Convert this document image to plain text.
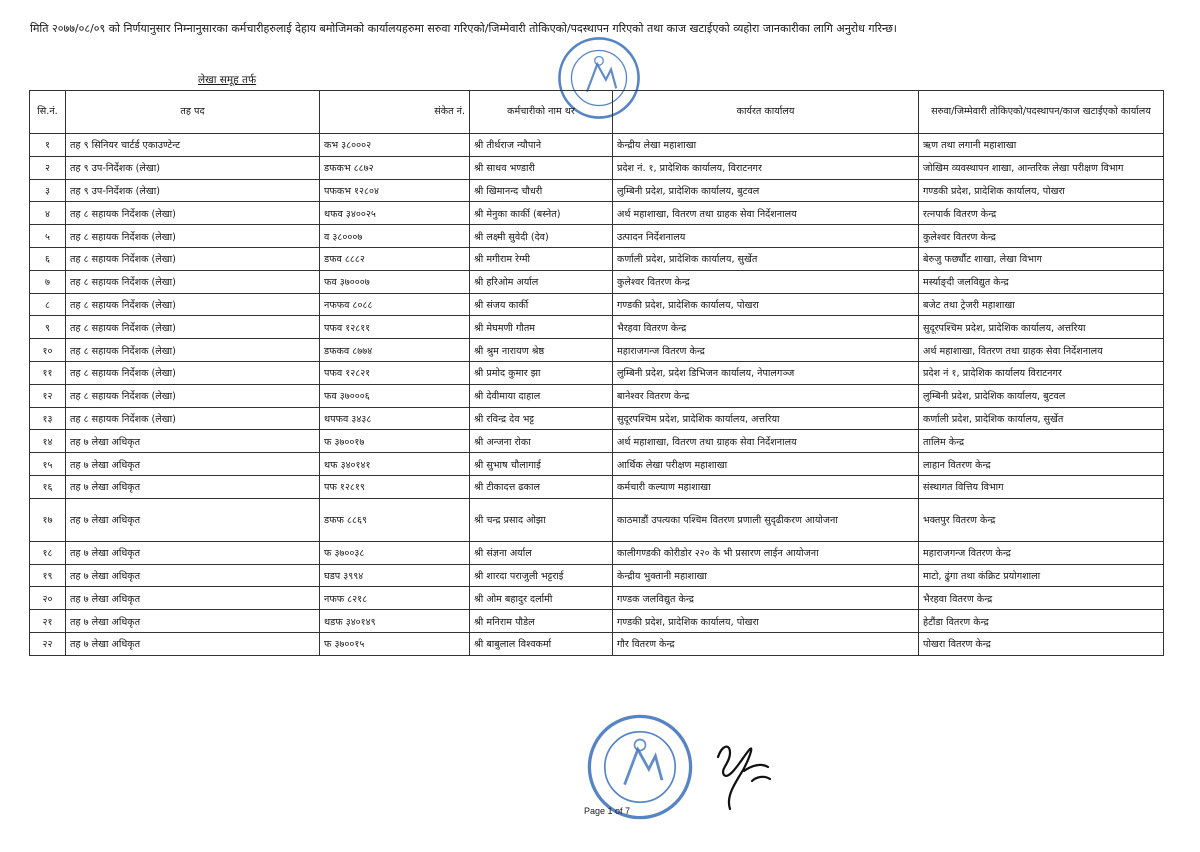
मिति २०७७/०८/०९ को निर्णयानुसार निम्नानुसारका कर्मचारीहरुलाई देहाय बमोजिमको कार्यालयहरुमा सरुवा गरिएको/जिम्मेवारी तोकिएको/पदस्थापन गरिएको तथा काज खटाईएको व्यहोरा जानकारीका लागि अनुरोध गरिन्छ।
लेखा समूह तर्फ
सि.नं.	तह पद	संकेत नं.	कर्मचारीको नाम थर	कार्यरत कार्यालय	सरुवा/जिम्मेवारी तोकिएको/पदस्थापन/काज खटाईएको कार्यालय
१	तह ९ सिनियर चार्टर्ड एकाउण्टेन्ट	कभ ३८०००२	श्री तीर्थराज न्यौपाने	केन्द्रीय लेखा महाशाखा	ऋण तथा लगानी महाशाखा
२	तह ९ उप-निर्देशक (लेखा)	डफकभ ८८७२	श्री साधव भण्डारी	प्रदेश नं. १, प्रादेशिक कार्यालय, विराटनगर	जोखिम व्यवस्थापन शाखा, आन्तरिक लेखा परीक्षण विभाग
३	तह ९ उप-निर्देशक (लेखा)	पफकभ १२८०४	श्री खिमानन्द चौधरी	लुम्बिनी प्रदेश, प्रादेशिक कार्यालय, बुटवल	गण्डकी प्रदेश, प्रादेशिक कार्यालय, पोखरा
४	तह ८ सहायक निर्देशक (लेखा)	थफव ३४००२५	श्री मेनुका कार्की (बस्नेत)	अर्थ महाशाखा, वितरण तथा ग्राहक सेवा निर्देशनालय	रत्नपार्क वितरण केन्द्र
५	तह ८ सहायक निर्देशक (लेखा)	व ३८०००७	श्री लक्ष्मी सुवेदी (देव)	उत्पादन निर्देशनालय	कुलेश्वर वितरण केन्द्र
६	तह ८ सहायक निर्देशक (लेखा)	डफव ८८८२	श्री मगीराम रेग्मी	कर्णाली प्रदेश, प्रादेशिक कार्यालय, सुर्खेत	बेरुजु फर्छ्यौट शाखा, लेखा विभाग
७	तह ८ सहायक निर्देशक (लेखा)	फव ३७०००७	श्री हरिओम अर्याल	कुलेश्वर वितरण केन्द्र	मर्स्याङ्दी जलविद्युत केन्द्र
८	तह ८ सहायक निर्देशक (लेखा)	नफफव ८०८८	श्री संजय कार्की	गण्डकी प्रदेश, प्रादेशिक कार्यालय, पोखरा	बजेट तथा ट्रेजरी महाशाखा
९	तह ८ सहायक निर्देशक (लेखा)	पफव १२८११	श्री मेघमणी गौतम	भैरहवा वितरण केन्द्र	सुदूरपश्चिम प्रदेश, प्रादेशिक कार्यालय, अत्तरिया
१०	तह ८ सहायक निर्देशक (लेखा)	डफकव ८७७४	श्री श्रुम नारायण श्रेष्ठ	महाराजगन्ज वितरण केन्द्र	अर्थ महाशाखा, वितरण तथा ग्राहक सेवा निर्देशनालय
११	तह ८ सहायक निर्देशक (लेखा)	पफव १२८२१	श्री प्रमोद कुमार झा	लुम्बिनी प्रदेश, प्रदेश डिभिजन कार्यालय, नेपालगञ्ज	प्रदेश नं १, प्रादेशिक कार्यालय विराटनगर
१२	तह ८ सहायक निर्देशक (लेखा)	फव ३७०००६	श्री देवीमाया दाहाल	बानेश्वर वितरण केन्द्र	लुम्बिनी प्रदेश, प्रादेशिक कार्यालय, बुटवल
१३	तह ८ सहायक निर्देशक (लेखा)	थपफव ३४३८	श्री रविन्द्र देव भट्ट	सुदूरपश्चिम प्रदेश, प्रादेशिक कार्यालय, अत्तरिया	कर्णाली प्रदेश, प्रादेशिक कार्यालय, सुर्खेत
१४	तह ७ लेखा अधिकृत	फ ३७००१७	श्री अन्जना रोका	अर्थ महाशाखा, वितरण तथा ग्राहक सेवा निर्देशनालय	तालिम केन्द्र
१५	तह ७ लेखा अधिकृत	थफ ३४०१४१	श्री सुभाष चौलागाई	आर्थिक लेखा परीक्षण महाशाखा	लाहान वितरण केन्द्र
१६	तह ७ लेखा अधिकृत	पफ १२८१९	श्री टीकादत्त ढकाल	कर्मचारी कल्याण महाशाखा	संस्थागत वित्तिय विभाग
१७	तह ७ लेखा अधिकृत	डफफ ८८६९	श्री चन्द्र प्रसाद ओझा	काठमाडौं उपत्यका पश्चिम वितरण प्रणाली सुदृढीकरण आयोजना	भक्तपुर वितरण केन्द्र
१८	तह ७ लेखा अधिकृत	फ ३७००३८	श्री संज्ञना अर्याल	कालीगण्डकी कोरीडोर २२० के भी प्रसारण लाईन आयोजना	महाराजगन्ज वितरण केन्द्र
१९	तह ७ लेखा अधिकृत	घडप ३९९४	श्री शारदा पराजुली भट्टराई	केन्द्रीय भुक्तानी महाशाखा	माटो, ढुंगा तथा कंक्रिट प्रयोगशाला
२०	तह ७ लेखा अधिकृत	नफफ ८२१८	श्री ओम बहादुर दर्लामी	गण्डक जलविद्युत केन्द्र	भैरहवा वितरण केन्द्र
२१	तह ७ लेखा अधिकृत	थडफ ३४०१४९	श्री मनिराम पौडेल	गण्डकी प्रदेश, प्रादेशिक कार्यालय, पोखरा	हेटौंडा वितरण केन्द्र
२२	तह ७ लेखा अधिकृत	फ ३७००१५	श्री बाबुलाल विश्वकर्मा	गौर वितरण केन्द्र	पोखरा वितरण केन्द्र
Page 1 of 7
